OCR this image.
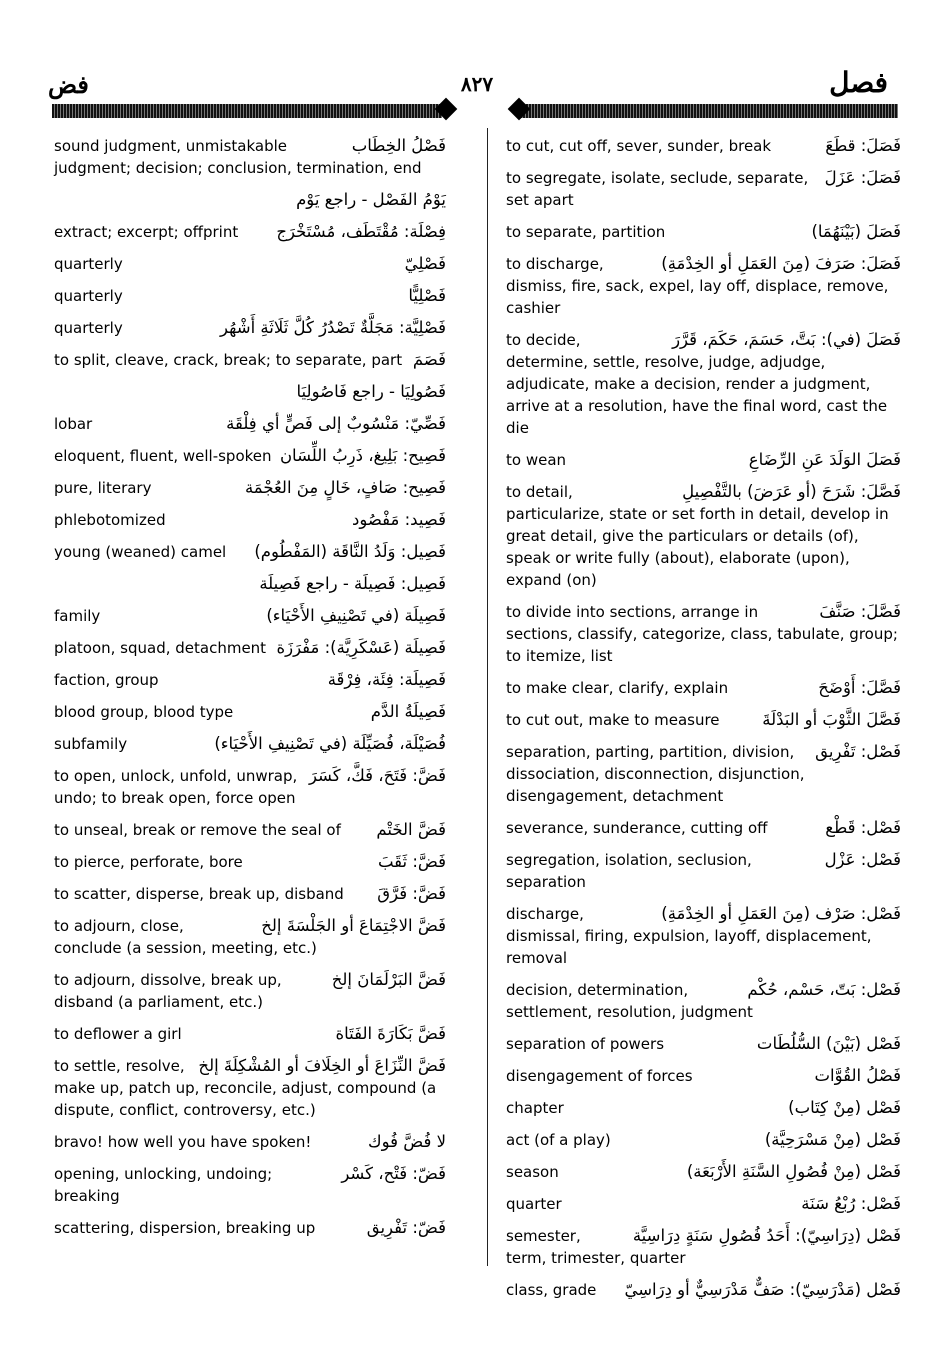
فض	٨٢٧	فصل
فَصْلُ الخِطَاب
sound judgment, unmistakable judgment; decision; conclusion, termination, end
يَوْمُ الفَصْل - راجع يَوْم
فِصْلَة: مُقْتَطَف، مُسْتَخْرَج
extract; excerpt; offprint
فَصْلِيّ
quarterly
فَصْلِيًّا
quarterly
فَصْلِيَّة: مَجَلَّةٌ تَصْدُرُ كُلَّ ثَلَاثَةِ أَشْهُر
quarterly
فَصَمَ
to split, cleave, crack, break; to separate, part
فَصُولِيَا - راجع فَاصُولِيَا
فَصِّيّ: مَنْسُوبٌ إلى فَصٍّ أي فِلْقَة
lobar
فَصِيح: بَلِيغ، ذَرِبُ اللِّسَان
eloquent, fluent, well-spoken
فَصِيح: صَافٍ، خَالٍ مِنَ العُجْمَة
pure, literary
فَصِيد: مَفْصُود
phlebotomized
فَصِيل: وَلَدُ النَّاقَة (المَفْطُوم)
young (weaned) camel
فَصِيل: فَصِيلَة - راجع فَصِيلَة
فَصِيلَة (في تَصْنِيفِ الأَحْيَاء)
family
فَصِيلَة (عَسْكَرِيَّة): مَفْرَزَة
platoon, squad, detachment
فَصِيلَة: فِئَة، فِرْقَة
faction, group
فَصِيلَةُ الدَّم
blood group, blood type
فُصَيْلَة، فُصَيِّلَة (في تَصْنِيفِ الأَحْيَاء)
subfamily
فَضَّ: فَتَحَ، فَكَّ، كَسَرَ
to open, unlock, unfold, unwrap, undo; to break open, force open
فَضَّ الخَتْم
to unseal, break or remove the seal of
فَضَّ: ثَقَبَ
to pierce, perforate, bore
فَضَّ: فَرَّقَ
to scatter, disperse, break up, disband
فَضَّ الاجْتِمَاعَ أو الجَلْسَةَ إلخ
to adjourn, close, conclude (a session, meeting, etc.)
فَضَّ البَرْلَمَانَ إلخ
to adjourn, dissolve, break up, disband (a parliament, etc.)
فَضَّ بَكَارَةَ الفَتَاة
to deflower a girl
فَضَّ النِّزَاعَ أو الخِلَافَ أو المُشْكِلَةَ إلخ
to settle, resolve, make up, patch up, reconcile, adjust, compound (a dispute, conflict, controversy, etc.)
لا فُضَّ فُوك
bravo! how well you have spoken!
فَضّ: فَتْح، كَسْر
opening, unlocking, undoing; breaking
فَضّ: تَفْرِيق
scattering, dispersion, breaking up
فَصَلَ: قطَعَ
to cut, cut off, sever, sunder, break
فَصَلَ: عَزَلَ
to segregate, isolate, seclude, separate, set apart
فَصَلَ (بَيْنَهُمَا)
to separate, partition
فَصَلَ: صَرَفَ (مِنَ العَمَلِ أو الخِدْمَةِ)
to discharge, dismiss, fire, sack, expel, lay off, displace, remove, cashier
فَصَلَ (في): بَتَّ، حَسَمَ، حَكَمَ، قَرَّرَ
to decide, determine, settle, resolve, judge, adjudge, adjudicate, make a decision, render a judgment, arrive at a resolution, have the final word, cast the die
فَصَلَ الوَلَدَ عَنِ الرِّضَاعِ
to wean
فَصَّلَ: شَرَحَ (أو عَرَضَ) بالتَّفْصِيلِ
to detail, particularize, state or set forth in detail, develop in great detail, give the particulars or details (of), speak or write fully (about), elaborate (upon), expand (on)
فَصَّلَ: صَنَّفَ
to divide into sections, arrange in sections, classify, categorize, class, tabulate, group; to itemize, list
فَصَّلَ: أَوْضَحَ
to make clear, clarify, explain
فَصَّلَ الثَّوْبَ أو البَدْلَةَ
to cut out, make to measure
فَصْل: تَفْرِيق
separation, parting, partition, division, dissociation, disconnection, disjunction, disengagement, detachment
فَصْل: قَطْع
severance, sunderance, cutting off
فَصْل: عَزْل
segregation, isolation, seclusion, separation
فَصْل: صَرْف (مِنَ العَمَلِ أو الخِدْمَةِ)
discharge, dismissal, firing, expulsion, layoff, displacement, removal
فَصْل: بَتّ، حَسْم، حُكْم
decision, determination, settlement, resolution, judgment
فَصْل (بَيْنَ) السُّلُطَات
separation of powers
فَصْلُ القُوَّات
disengagement of forces
فَصْل (مِنْ كِتَاب)
chapter
فَصْل (مِنْ مَسْرَحِيَّة)
act (of a play)
فَصْل (مِنْ فُصُولِ السَّنَةِ الأَرْبَعَة)
season
فَصْل: رُبْعُ سَنَة
quarter
فَصْل (دِرَاسِيّ): أَحَدُ فُصُولِ سَنَةٍ دِرَاسِيَّة
semester, term, trimester, quarter
فَصْل (مَدْرَسِيّ): صَفٌّ مَدْرَسِيٌّ أو دِرَاسِيّ
class, grade
